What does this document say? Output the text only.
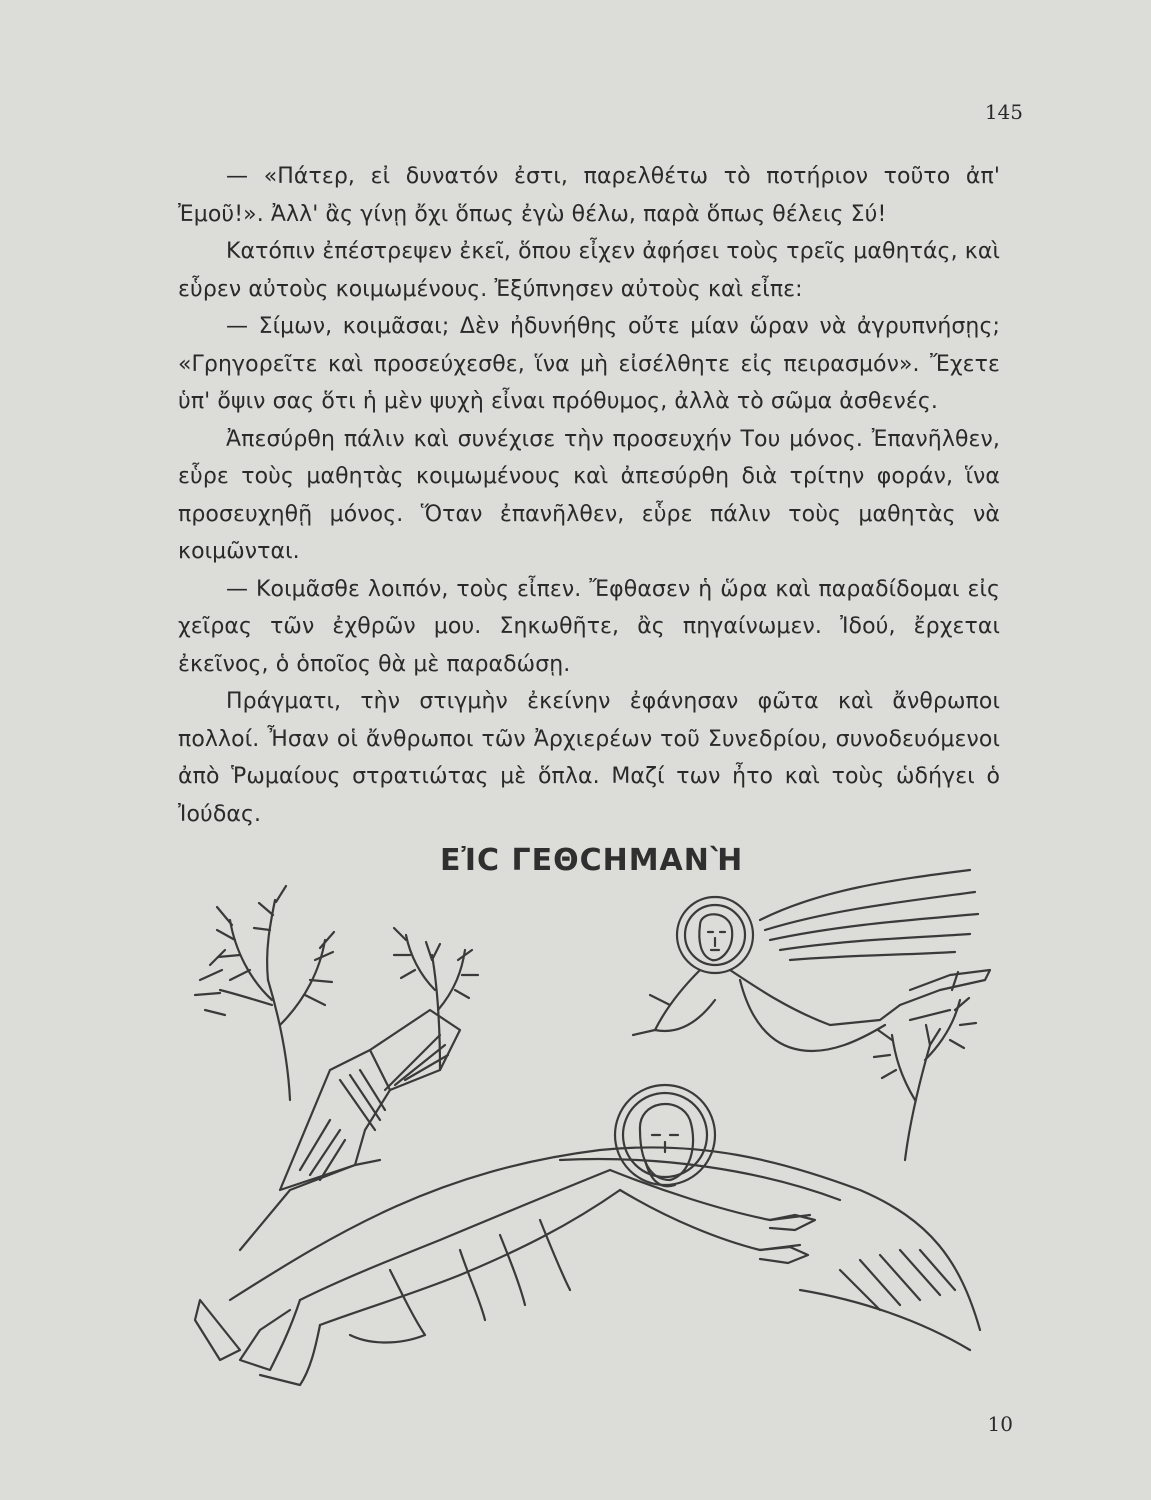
145

— «Πάτερ, εἰ δυνατόν ἐστι, παρελθέτω τὸ ποτήριον τοῦτο ἀπ' Ἐμοῦ!». Ἀλλ' ἂς γίνῃ ὄχι ὅπως ἐγὼ θέλω, παρὰ ὅπως θέλεις Σύ!

Κατόπιν ἐπέστρεψεν ἐκεῖ, ὅπου εἶχεν ἀφήσει τοὺς τρεῖς μαθητάς, καὶ εὗρεν αὐτοὺς κοιμωμένους. Ἐξύπνησεν αὐτοὺς καὶ εἶπε:

— Σίμων, κοιμᾶσαι; Δὲν ἠδυνήθης οὔτε μίαν ὥραν νὰ ἀγρυπνήσῃς; «Γρηγορεῖτε καὶ προσεύχεσθε, ἵνα μὴ εἰσέλθητε εἰς πειρασμόν». Ἔχετε ὑπ' ὄψιν σας ὅτι ἡ μὲν ψυχὴ εἶναι πρόθυμος, ἀλλὰ τὸ σῶμα ἀσθενές.

Ἀπεσύρθη πάλιν καὶ συνέχισε τὴν προσευχήν Του μόνος. Ἐπανῆλθεν, εὗρε τοὺς μαθητὰς κοιμωμένους καὶ ἀπεσύρθη διὰ τρίτην φοράν, ἵνα προσευχηθῇ μόνος. Ὅταν ἐπανῆλθεν, εὗρε πάλιν τοὺς μαθητὰς νὰ κοιμῶνται.

— Κοιμᾶσθε λοιπόν, τοὺς εἶπεν. Ἔφθασεν ἡ ὥρα καὶ παραδίδομαι εἰς χεῖρας τῶν ἐχθρῶν μου. Σηκωθῆτε, ἂς πηγαίνωμεν. Ἰδού, ἔρχεται ἐκεῖνος, ὁ ὁποῖος θὰ μὲ παραδώσῃ.

Πράγματι, τὴν στιγμὴν ἐκείνην ἐφάνησαν φῶτα καὶ ἄνθρωποι πολλοί. Ἦσαν οἱ ἄνθρωποι τῶν Ἀρχιερέων τοῦ Συνεδρίου, συνοδευόμενοι ἀπὸ Ῥωμαίους στρατιώτας μὲ ὅπλα. Μαζί των ἦτο καὶ τοὺς ὡδήγει ὁ Ἰούδας.

ΕἸC ΓΕΘCΗΜΑΝῊ
10
